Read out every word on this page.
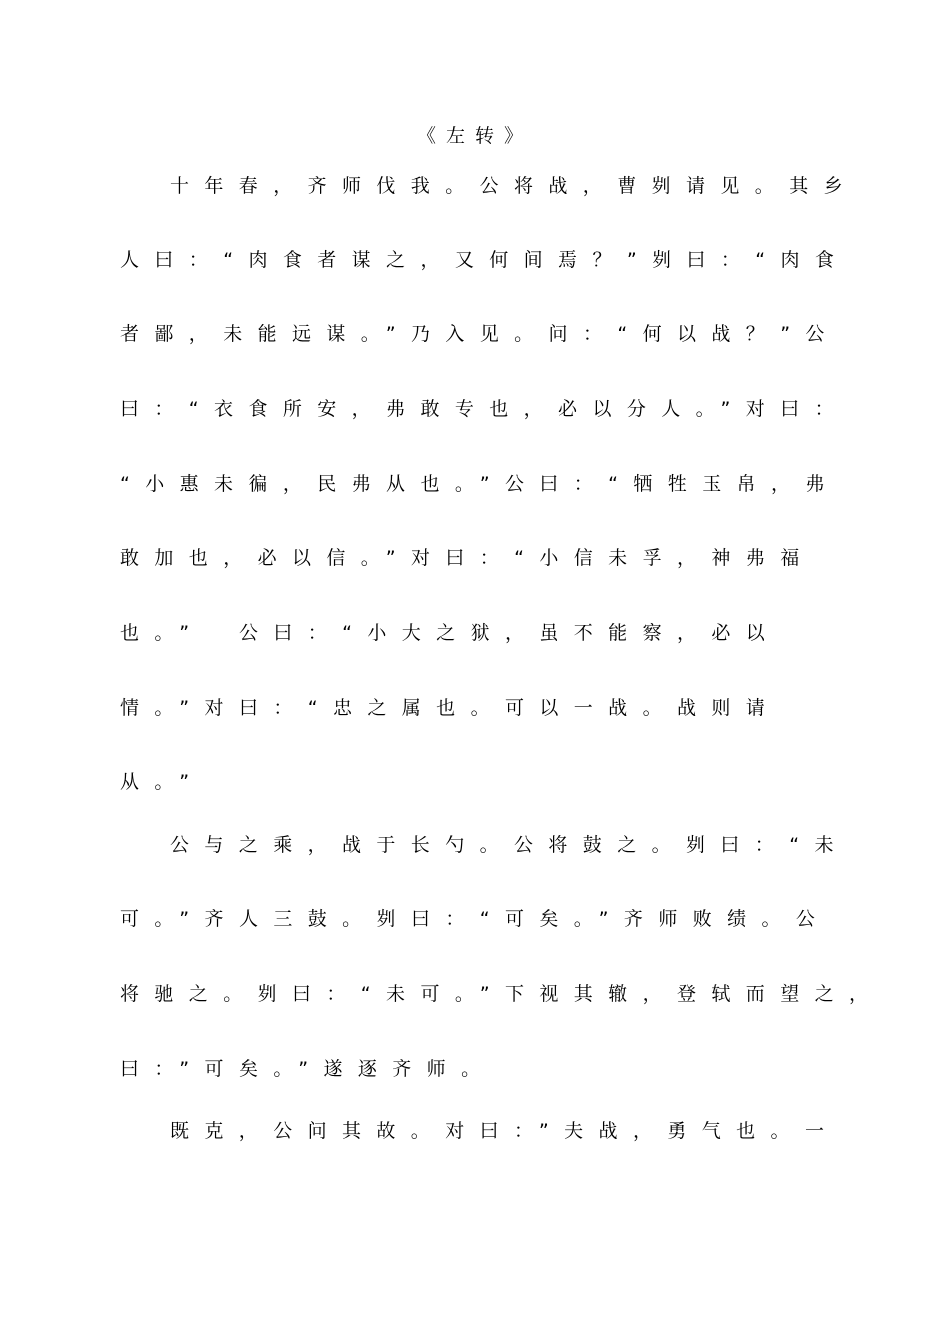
《左转》
十年春，齐师伐我。公将战，曹刿请见。其乡
人曰：“肉食者谋之，又何间焉？”刿曰：“肉食
者鄙，未能远谋。”乃入见。问：“何以战？”公
曰：“衣食所安，弗敢专也，必以分人。”对曰：
“小惠未徧，民弗从也。”公曰：“牺牲玉帛，弗
敢加也，必以信。”对曰：“小信未孚，神弗福
也。”　公曰：“小大之狱，虽不能察，必以
情。”对曰：“忠之属也。可以一战。战则请
从。”
公与之乘，战于长勺。公将鼓之。刿曰：“未
可。”齐人三鼓。刿曰：“可矣。”齐师败绩。公
将驰之。刿曰：“未可。”下视其辙，登轼而望之，
曰：”可矣。”遂逐齐师。
既克，公问其故。对曰：”夫战，勇气也。一
